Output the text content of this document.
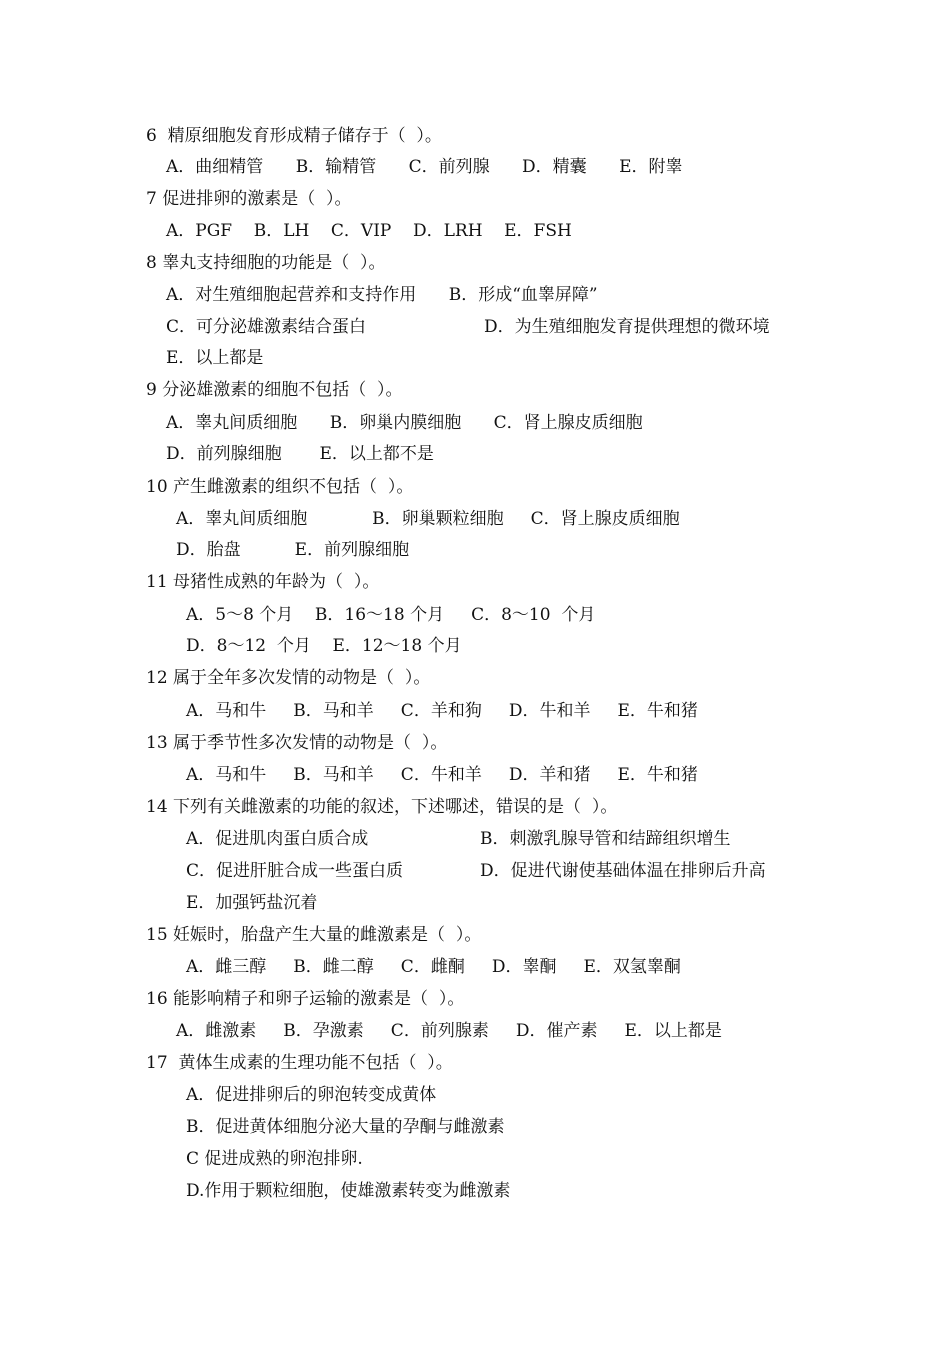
6  精原细胞发育形成精子储存于（  ）。
A．曲细精管      B．输精管      C．前列腺      D．精囊      E．附睾
7 促进排卵的激素是（  ）。
A．PGF    B．LH    C．VIP    D．LRH    E．FSH
8 睾丸支持细胞的功能是（  ）。
A．对生殖细胞起营养和支持作用      B．形成“血睾屏障”
C．可分泌雄激素结合蛋白	D．为生殖细胞发育提供理想的微环境
E．以上都是
9 分泌雄激素的细胞不包括（  ）。
A．睾丸间质细胞      B．卵巢内膜细胞      C．肾上腺皮质细胞
D．前列腺细胞       E．以上都不是
10 产生雌激素的组织不包括（  ）。
A．睾丸间质细胞            B．卵巢颗粒细胞     C．肾上腺皮质细胞
D．胎盘          E．前列腺细胞
11 母猪性成熟的年龄为（  ）。
A．5～8 个月    B．16～18 个月     C．8～10  个月
D．8～12  个月    E．12～18 个月
12 属于全年多次发情的动物是（  ）。
A．马和牛     B．马和羊     C．羊和狗     D．牛和羊     E．牛和猪
13 属于季节性多次发情的动物是（  ）。
A．马和牛     B．马和羊     C．牛和羊     D．羊和猪     E．牛和猪
14 下列有关雌激素的功能的叙述，下述哪述，错误的是（  ）。
A．促进肌肉蛋白质合成	B．刺激乳腺导管和结蹄组织增生
C．促进肝脏合成一些蛋白质	D．促进代谢使基础体温在排卵后升高
E．加强钙盐沉着
15 妊娠时，胎盘产生大量的雌激素是（  ）。
A．雌三醇     B．雌二醇     C．雌酮     D．睾酮     E．双氢睾酮
16 能影响精子和卵子运输的激素是（  ）。
A．雌激素     B．孕激素     C．前列腺素     D．催产素     E．以上都是
17  黄体生成素的生理功能不包括（  ）。
A．促进排卵后的卵泡转变成黄体
B．促进黄体细胞分泌大量的孕酮与雌激素
C 促进成熟的卵泡排卵.
D.作用于颗粒细胞，使雄激素转变为雌激素
